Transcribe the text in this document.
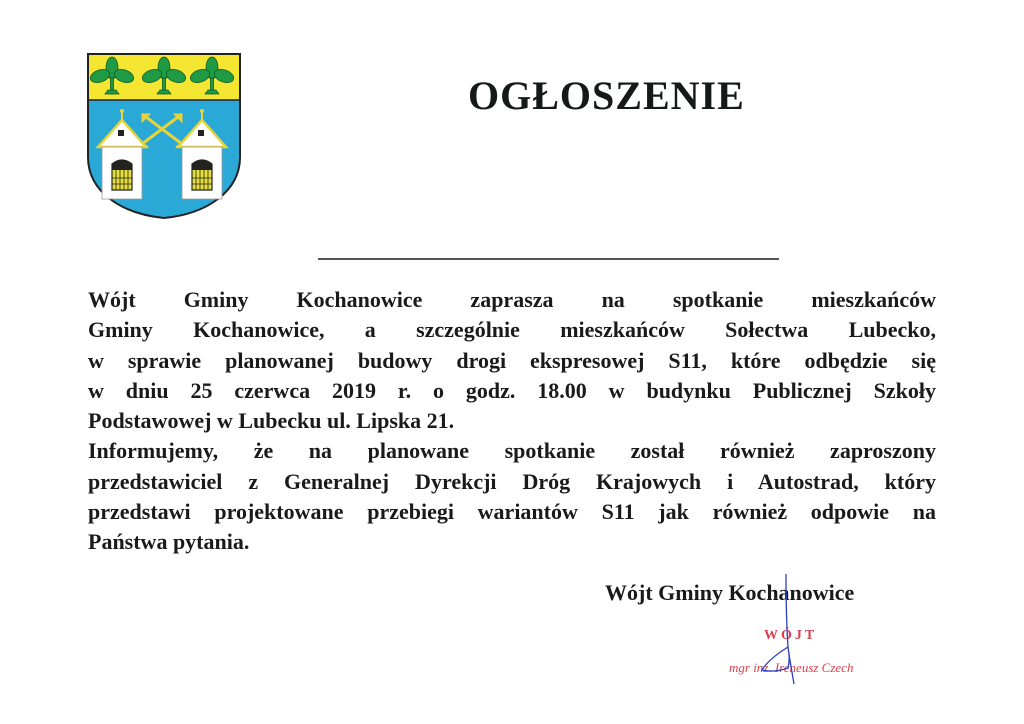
OGŁOSZENIE
Wójt Gminy Kochanowice zaprasza na spotkanie mieszkańców
Gminy Kochanowice, a szczególnie mieszkańców Sołectwa Lubecko,
w sprawie planowanej budowy drogi ekspresowej S11, które odbędzie się
w dniu 25 czerwca 2019 r. o godz. 18.00 w budynku Publicznej Szkoły
Podstawowej w Lubecku ul. Lipska 21.
Informujemy, że na planowane spotkanie został również zaproszony
przedstawiciel z Generalnej Dyrekcji Dróg Krajowych i Autostrad, który
przedstawi projektowane przebiegi wariantów S11 jak również odpowie na
Państwa pytania.
Wójt Gminy Kochanowice
WÓJT
mgr inż. Ireneusz Czech
